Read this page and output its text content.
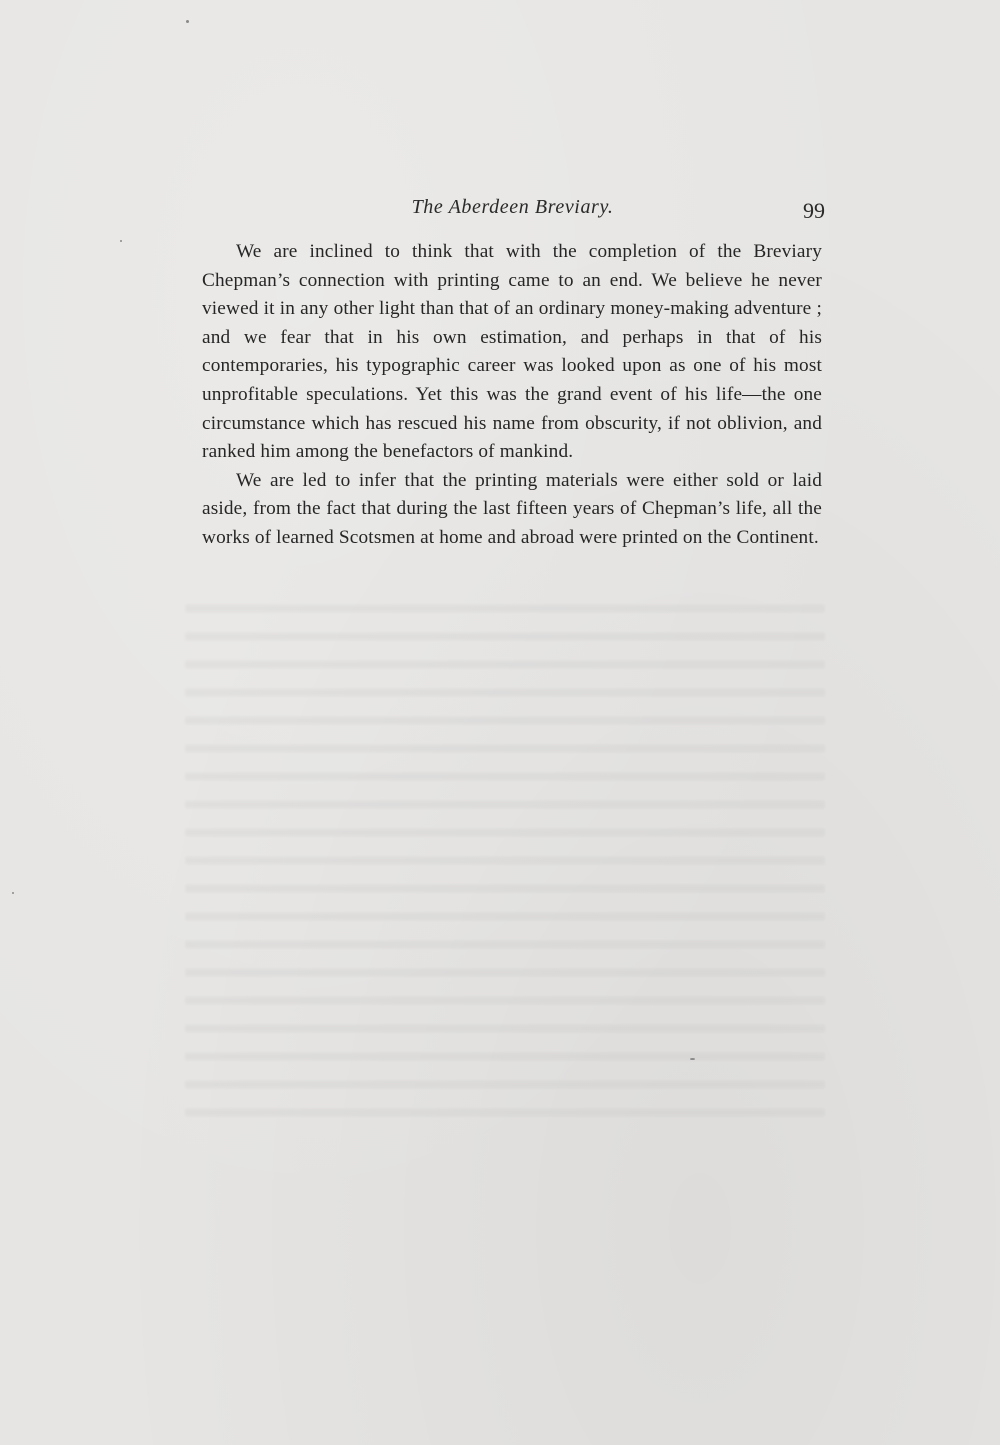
The Aberdeen Breviary.	99

We are inclined to think that with the completion of the Breviary Chepman’s connection with printing came to an end. We believe he never viewed it in any other light than that of an ordinary money-making adventure ; and we fear that in his own estimation, and perhaps in that of his contemporaries, his typographic career was looked upon as one of his most unprofitable speculations. Yet this was the grand event of his life—the one circumstance which has rescued his name from obscurity, if not oblivion, and ranked him among the benefactors of mankind.

We are led to infer that the printing materials were either sold or laid aside, from the fact that during the last fifteen years of Chepman’s life, all the works of learned Scotsmen at home and abroad were printed on the Continent.
